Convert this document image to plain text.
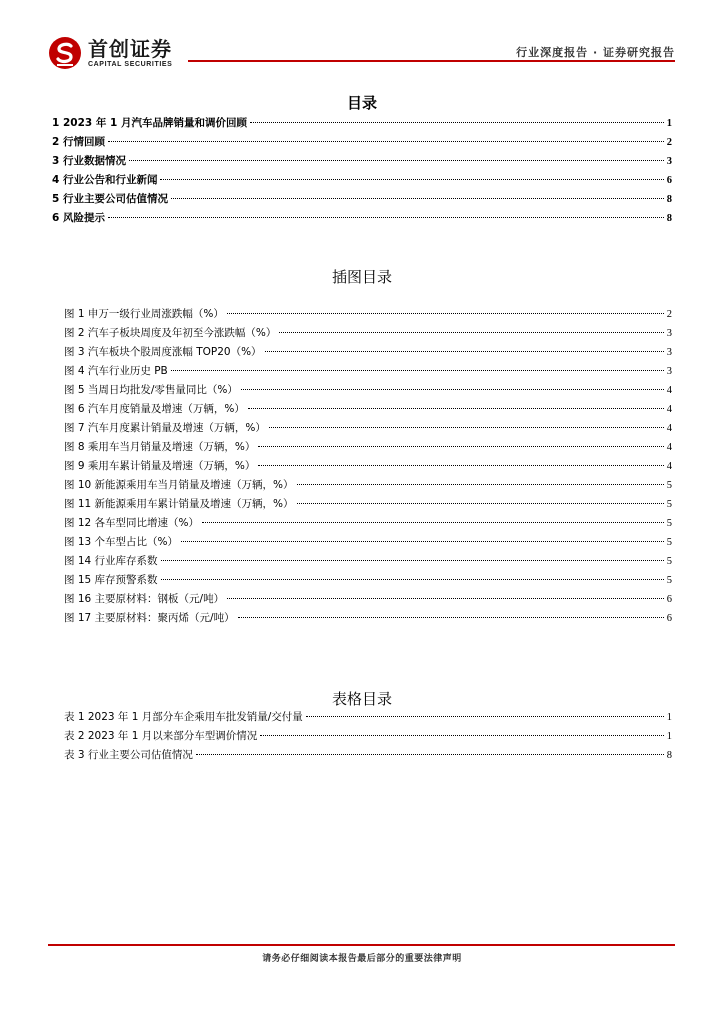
首创证券
CAPITAL SECURITIES
行业深度报告 · 证券研究报告
目录
1 2023 年 1 月汽车品牌销量和调价回顾	1
2 行情回顾	2
3 行业数据情况	3
4 行业公告和行业新闻	6
5 行业主要公司估值情况	8
6 风险提示	8
插图目录
图 1 申万一级行业周涨跌幅（%）	2
图 2 汽车子板块周度及年初至今涨跌幅（%）	3
图 3 汽车板块个股周度涨幅 TOP20（%）	3
图 4 汽车行业历史 PB	3
图 5 当周日均批发/零售量同比（%）	4
图 6 汽车月度销量及增速（万辆，%）	4
图 7 汽车月度累计销量及增速（万辆，%）	4
图 8 乘用车当月销量及增速（万辆，%）	4
图 9 乘用车累计销量及增速（万辆，%）	4
图 10 新能源乘用车当月销量及增速（万辆，%）	5
图 11 新能源乘用车累计销量及增速（万辆，%）	5
图 12 各车型同比增速（%）	5
图 13 个车型占比（%）	5
图 14 行业库存系数	5
图 15 库存预警系数	5
图 16 主要原材料：钢板（元/吨）	6
图 17 主要原材料：聚丙烯（元/吨）	6
表格目录
表 1 2023 年 1 月部分车企乘用车批发销量/交付量	1
表 2 2023 年 1 月以来部分车型调价情况	1
表 3 行业主要公司估值情况	8
请务必仔细阅读本报告最后部分的重要法律声明
